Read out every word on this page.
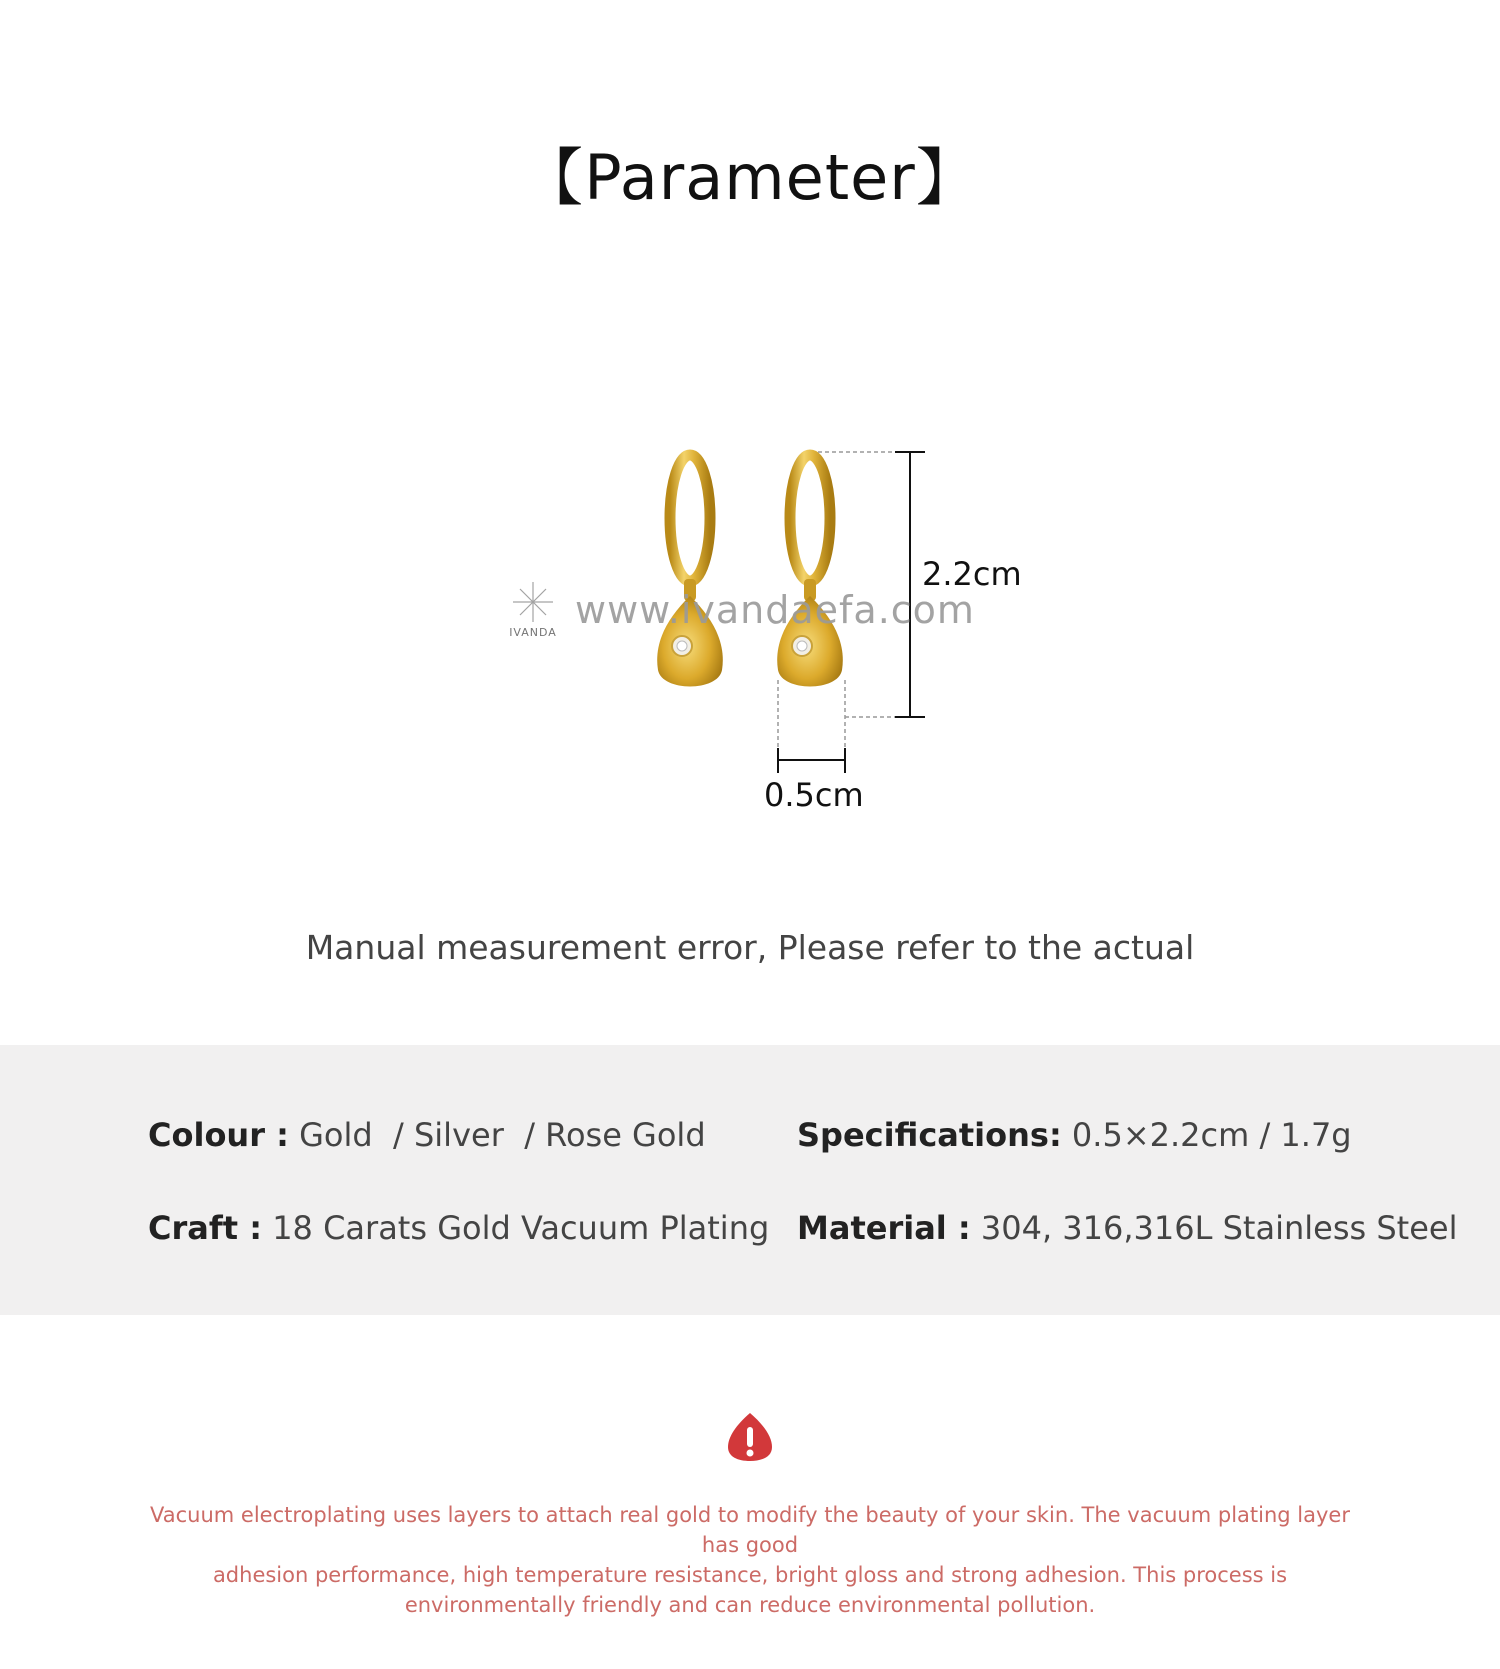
【Parameter】
IVANDA
www.ivandaefa.com
2.2cm
0.5cm
Manual measurement error, Please refer to the actual
Colour : Gold  / Silver  / Rose Gold	Specifications: 0.5×2.2cm / 1.7g
Craft : 18 Carats Gold Vacuum Plating Material : 304, 316,316L Stainless Steel
Vacuum electroplating uses layers to attach real gold to modify the beauty of your skin. The vacuum plating layer has good
adhesion performance, high temperature resistance, bright gloss and strong adhesion. This process is
environmentally friendly and can reduce environmental pollution.
